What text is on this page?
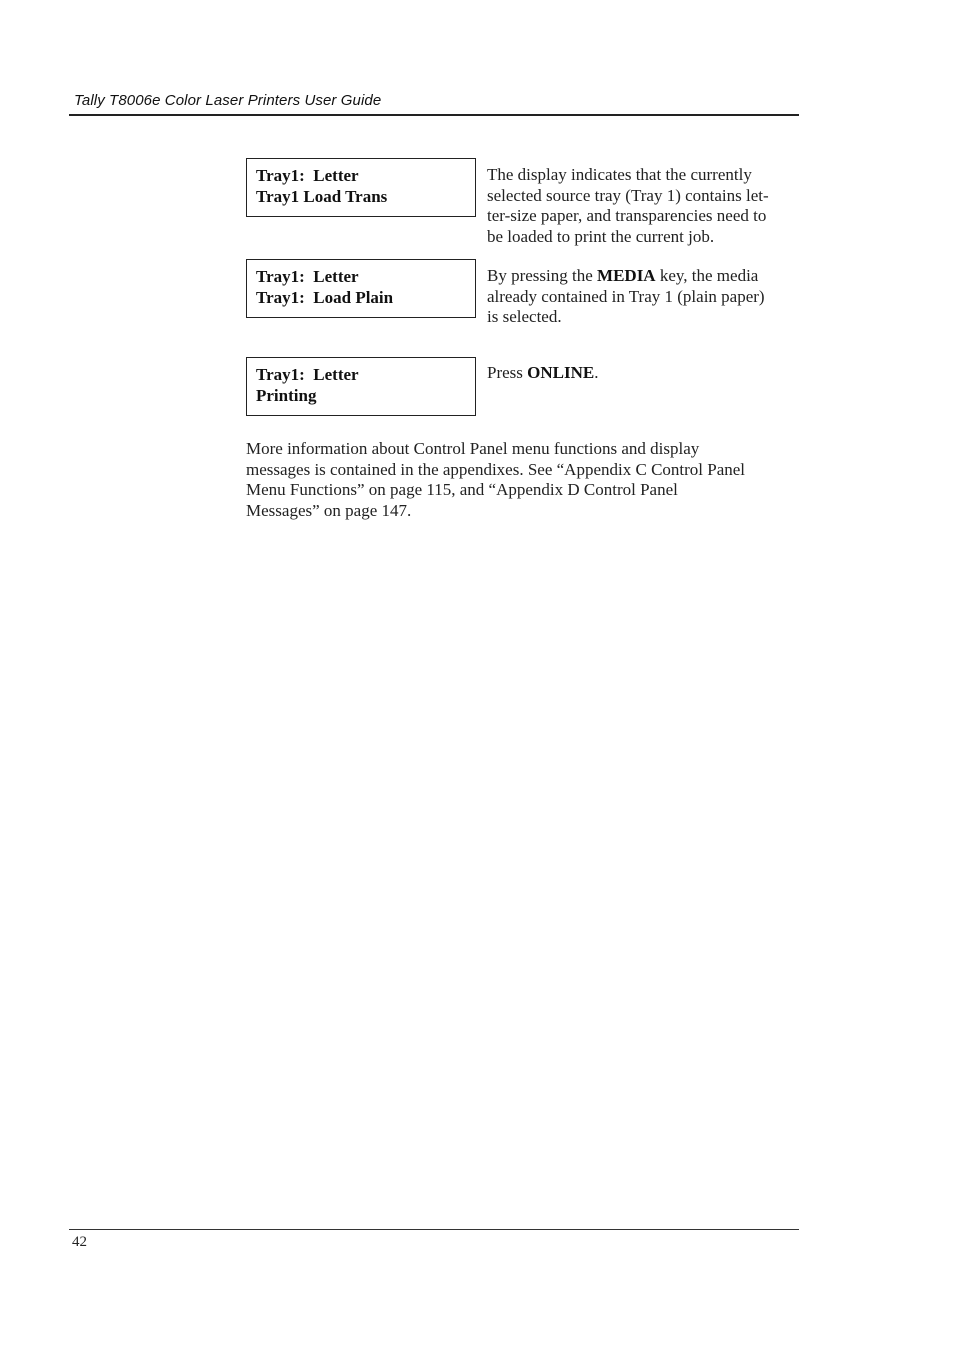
Tally T8006e Color Laser Printers User Guide
Tray1:  Letter
Tray1 Load Trans
The display indicates that the currently
selected source tray (Tray 1) contains let-
ter-size paper, and transparencies need to
be loaded to print the current job.
Tray1:  Letter
Tray1:  Load Plain
By pressing the MEDIA key, the media
already contained in Tray 1 (plain paper)
is selected.
Tray1:  Letter
Printing
Press ONLINE.
More information about Control Panel menu functions and display
messages is contained in the appendixes. See “Appendix C Control Panel
Menu Functions” on page 115, and “Appendix D Control Panel
Messages” on page 147.
42
